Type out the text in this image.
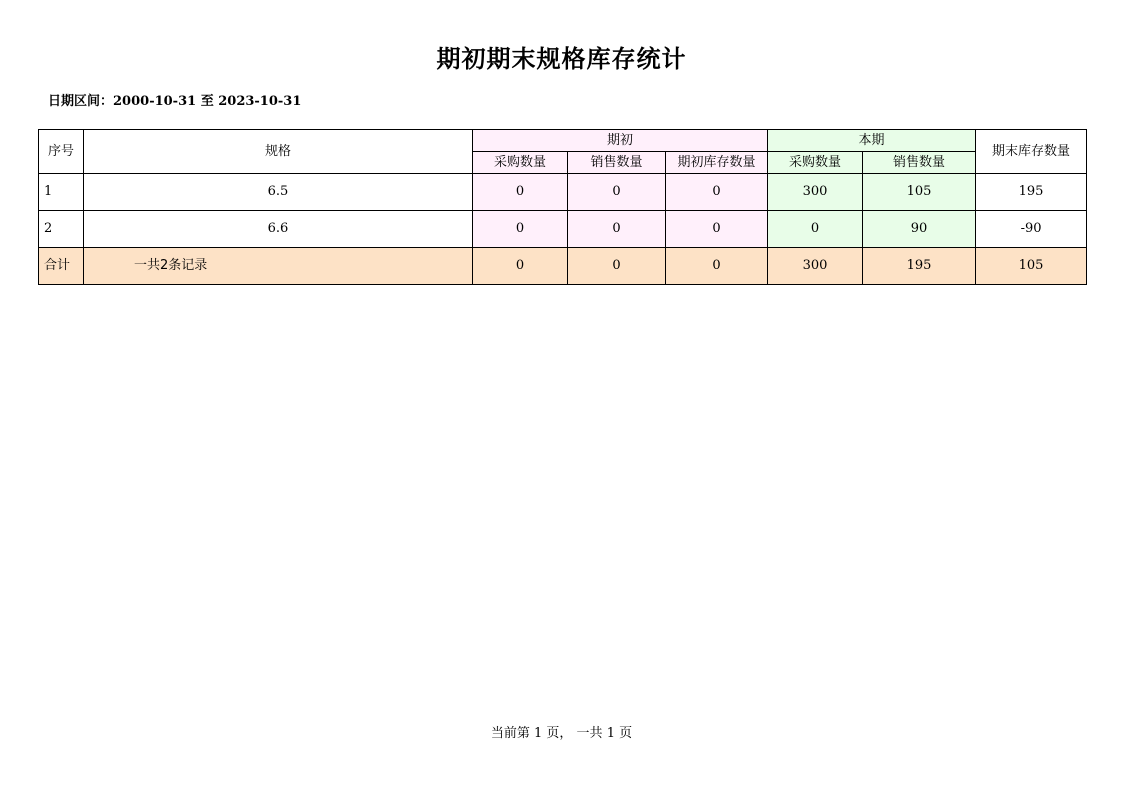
期初期末规格库存统计
日期区间：2000-10-31 至 2023-10-31
序号	规格	期初			本期		期末库存数量
		采购数量	销售数量	期初库存数量	采购数量	销售数量	
1	6.5	0	0	0	300	105	195
2	6.6	0	0	0	0	90	-90
合计	一共2条记录	0	0	0	300	195	105
当前第 1 页， 一共 1 页
